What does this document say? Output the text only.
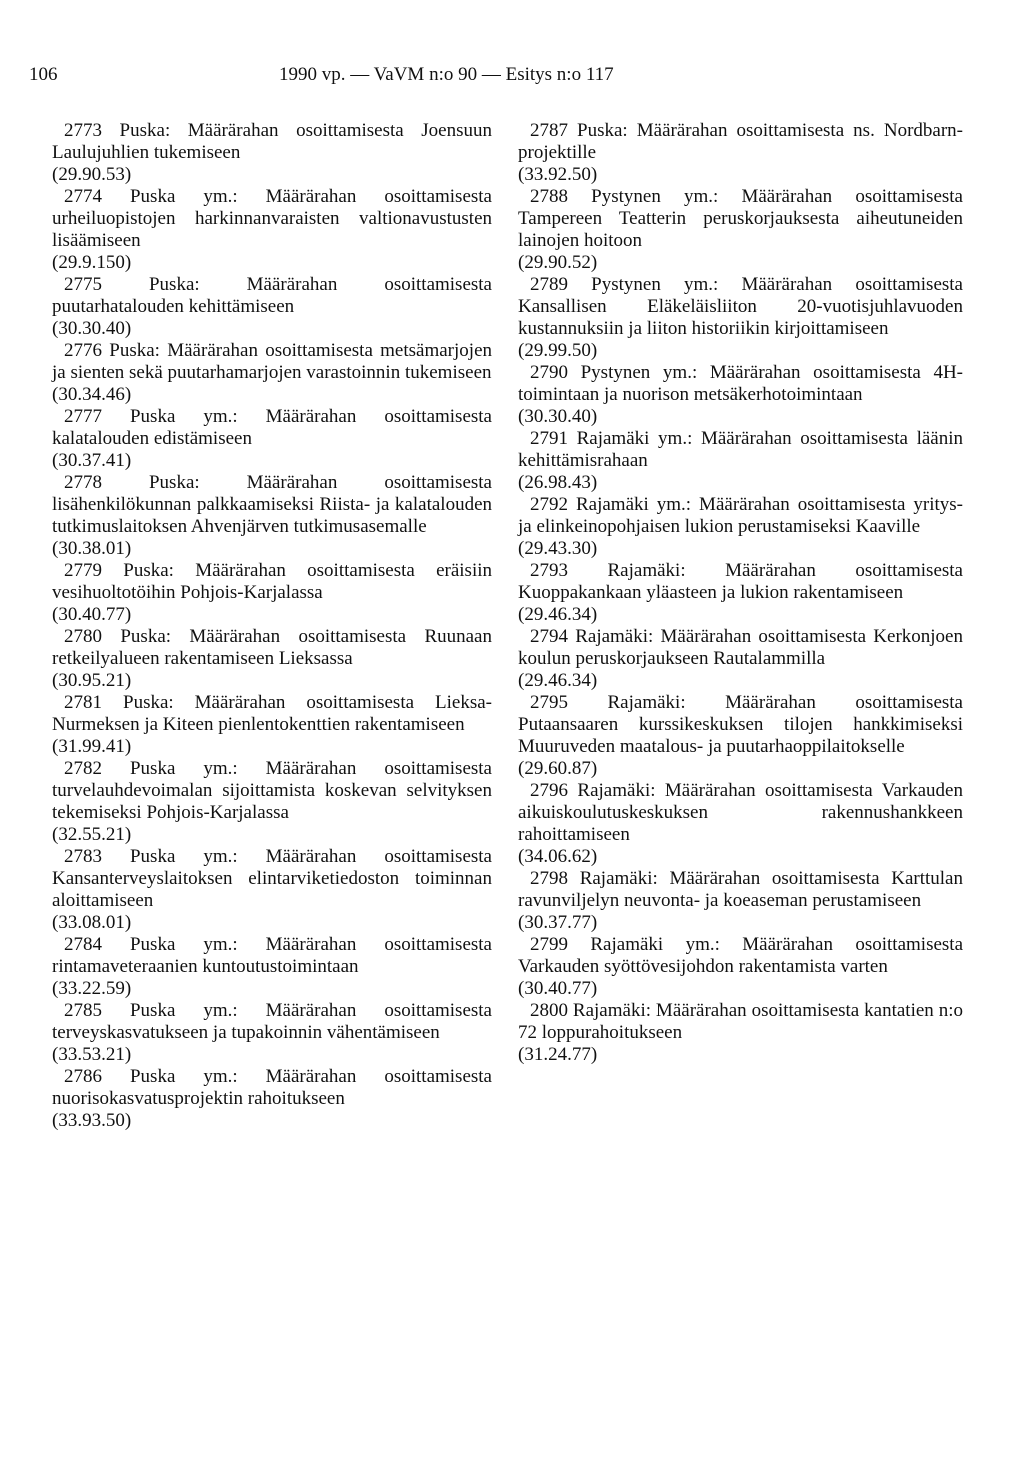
106	1990 vp. — VaVM n:o 90 — Esitys n:o 117
2773 Puska: Määrärahan osoittamisesta Joensuun Laulujuhlien tukemiseen
(29.90.53)
2774 Puska ym.: Määrärahan osoittamisesta urheiluopistojen harkinnanvaraisten valtionavustusten lisäämiseen
(29.9.150)
2775 Puska: Määrärahan osoittamisesta puutarhatalouden kehittämiseen
(30.30.40)
2776 Puska: Määrärahan osoittamisesta metsämarjojen ja sienten sekä puutarhamarjojen varastoinnin tukemiseen
(30.34.46)
2777 Puska ym.: Määrärahan osoittamisesta kalatalouden edistämiseen
(30.37.41)
2778 Puska: Määrärahan osoittamisesta lisähenkilökunnan palkkaamiseksi Riista- ja kalatalouden tutkimuslaitoksen Ahvenjärven tutkimusasemalle
(30.38.01)
2779 Puska: Määrärahan osoittamisesta eräisiin vesihuoltotöihin Pohjois-Karjalassa
(30.40.77)
2780 Puska: Määrärahan osoittamisesta Ruunaan retkeilyalueen rakentamiseen Lieksassa
(30.95.21)
2781 Puska: Määrärahan osoittamisesta Lieksa-Nurmeksen ja Kiteen pienlentokenttien rakentamiseen
(31.99.41)
2782 Puska ym.: Määrärahan osoittamisesta turvelauhdevoimalan sijoittamista koskevan selvityksen tekemiseksi Pohjois-Karjalassa
(32.55.21)
2783 Puska ym.: Määrärahan osoittamisesta Kansanterveyslaitoksen elintarviketiedoston toiminnan aloittamiseen
(33.08.01)
2784 Puska ym.: Määrärahan osoittamisesta rintamaveteraanien kuntoutustoimintaan
(33.22.59)
2785 Puska ym.: Määrärahan osoittamisesta terveyskasvatukseen ja tupakoinnin vähentämiseen
(33.53.21)
2786 Puska ym.: Määrärahan osoittamisesta nuorisokasvatusprojektin rahoitukseen
(33.93.50)
2787 Puska: Määrärahan osoittamisesta ns. Nordbarn-projektille
(33.92.50)
2788 Pystynen ym.: Määrärahan osoittamisesta Tampereen Teatterin peruskorjauksesta aiheutuneiden lainojen hoitoon
(29.90.52)
2789 Pystynen ym.: Määrärahan osoittamisesta Kansallisen Eläkeläisliiton 20-vuotisjuhlavuoden kustannuksiin ja liiton historiikin kirjoittamiseen
(29.99.50)
2790 Pystynen ym.: Määrärahan osoittamisesta 4H-toimintaan ja nuorison metsäkerhotoimintaan
(30.30.40)
2791 Rajamäki ym.: Määrärahan osoittamisesta läänin kehittämisrahaan
(26.98.43)
2792 Rajamäki ym.: Määrärahan osoittamisesta yritys- ja elinkeinopohjaisen lukion perustamiseksi Kaaville
(29.43.30)
2793 Rajamäki: Määrärahan osoittamisesta Kuoppakankaan yläasteen ja lukion rakentamiseen
(29.46.34)
2794 Rajamäki: Määrärahan osoittamisesta Kerkonjoen koulun peruskorjaukseen Rautalammilla
(29.46.34)
2795 Rajamäki: Määrärahan osoittamisesta Putaansaaren kurssikeskuksen tilojen hankkimiseksi Muuruveden maatalous- ja puutarhaoppilaitokselle
(29.60.87)
2796 Rajamäki: Määrärahan osoittamisesta Varkauden aikuiskoulutuskeskuksen rakennushankkeen rahoittamiseen
(34.06.62)
2798 Rajamäki: Määrärahan osoittamisesta Karttulan ravunviljelyn neuvonta- ja koeaseman perustamiseen
(30.37.77)
2799 Rajamäki ym.: Määrärahan osoittamisesta Varkauden syöttövesijohdon rakentamista varten
(30.40.77)
2800 Rajamäki: Määrärahan osoittamisesta kantatien n:o 72 loppurahoitukseen
(31.24.77)
